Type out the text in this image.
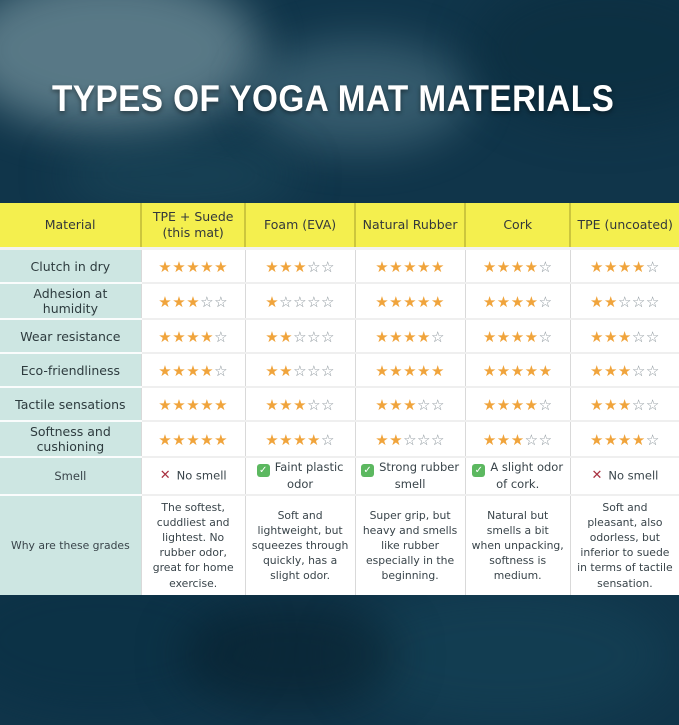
TYPES OF YOGA MAT MATERIALS
Material	TPE + Suede (this mat)	Foam (EVA)	Natural Rubber	Cork	TPE (uncoated)
Clutch in dry	★★★★★	★★★☆☆	★★★★★	★★★★☆	★★★★☆
Adhesion at humidity	★★★☆☆	★☆☆☆☆	★★★★★	★★★★☆	★★☆☆☆
Wear resistance	★★★★☆	★★☆☆☆	★★★★☆	★★★★☆	★★★☆☆
Eco-friendliness	★★★★☆	★★☆☆☆	★★★★★	★★★★★	★★★☆☆
Tactile sensations	★★★★★	★★★☆☆	★★★☆☆	★★★★☆	★★★☆☆
Softness and cushioning	★★★★★	★★★★☆	★★☆☆☆	★★★☆☆	★★★★☆
Smell	✕ No smell	✓ Faint plastic odor	✓ Strong rubber smell	✓ A slight odor of cork.	✕ No smell
Why are these grades	The softest, cuddliest and lightest. No rubber odor, great for home exercise.	Soft and lightweight, but squeezes through quickly, has a slight odor.	Super grip, but heavy and smells like rubber especially in the beginning.	Natural but smells a bit when unpacking, softness is medium.	Soft and pleasant, also odorless, but inferior to suede in terms of tactile sensation.
